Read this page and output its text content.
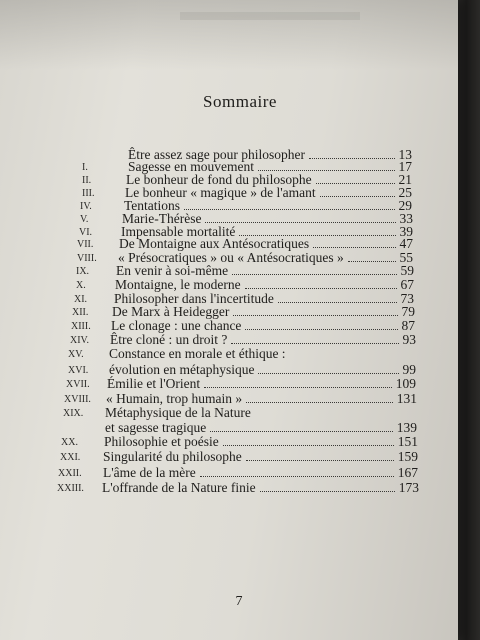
Sommaire
Être assez sage pour philosopher	13
I.	Sagesse en mouvement	17
II.	Le bonheur de fond du philosophe	21
III. Le bonheur « magique » de l'amant	25
IV. Tentations	29
V. Marie-Thérèse	33
VI. Impensable mortalité	39
VII. De Montaigne aux Antésocratiques	47
VIII. « Présocratiques » ou « Antésocratiques »	55
IX. En venir à soi-même	59
X. Montaigne, le moderne	67
XI. Philosopher dans l'incertitude	73
XII. De Marx à Heidegger	79
XIII. Le clonage : une chance	87
XIV. Être cloné : un droit ?	93
XV. Constance en morale et éthique :
XVI. évolution en métaphysique	99
XVII. Émilie et l'Orient	109
XVIII. « Humain, trop humain »	131
XIX. Métaphysique de la Nature
et sagesse tragique	139
XX. Philosophie et poésie	151
XXI. Singularité du philosophe	159
XXII. L'âme de la mère	167
XXIII. L'offrande de la Nature finie	173
7
